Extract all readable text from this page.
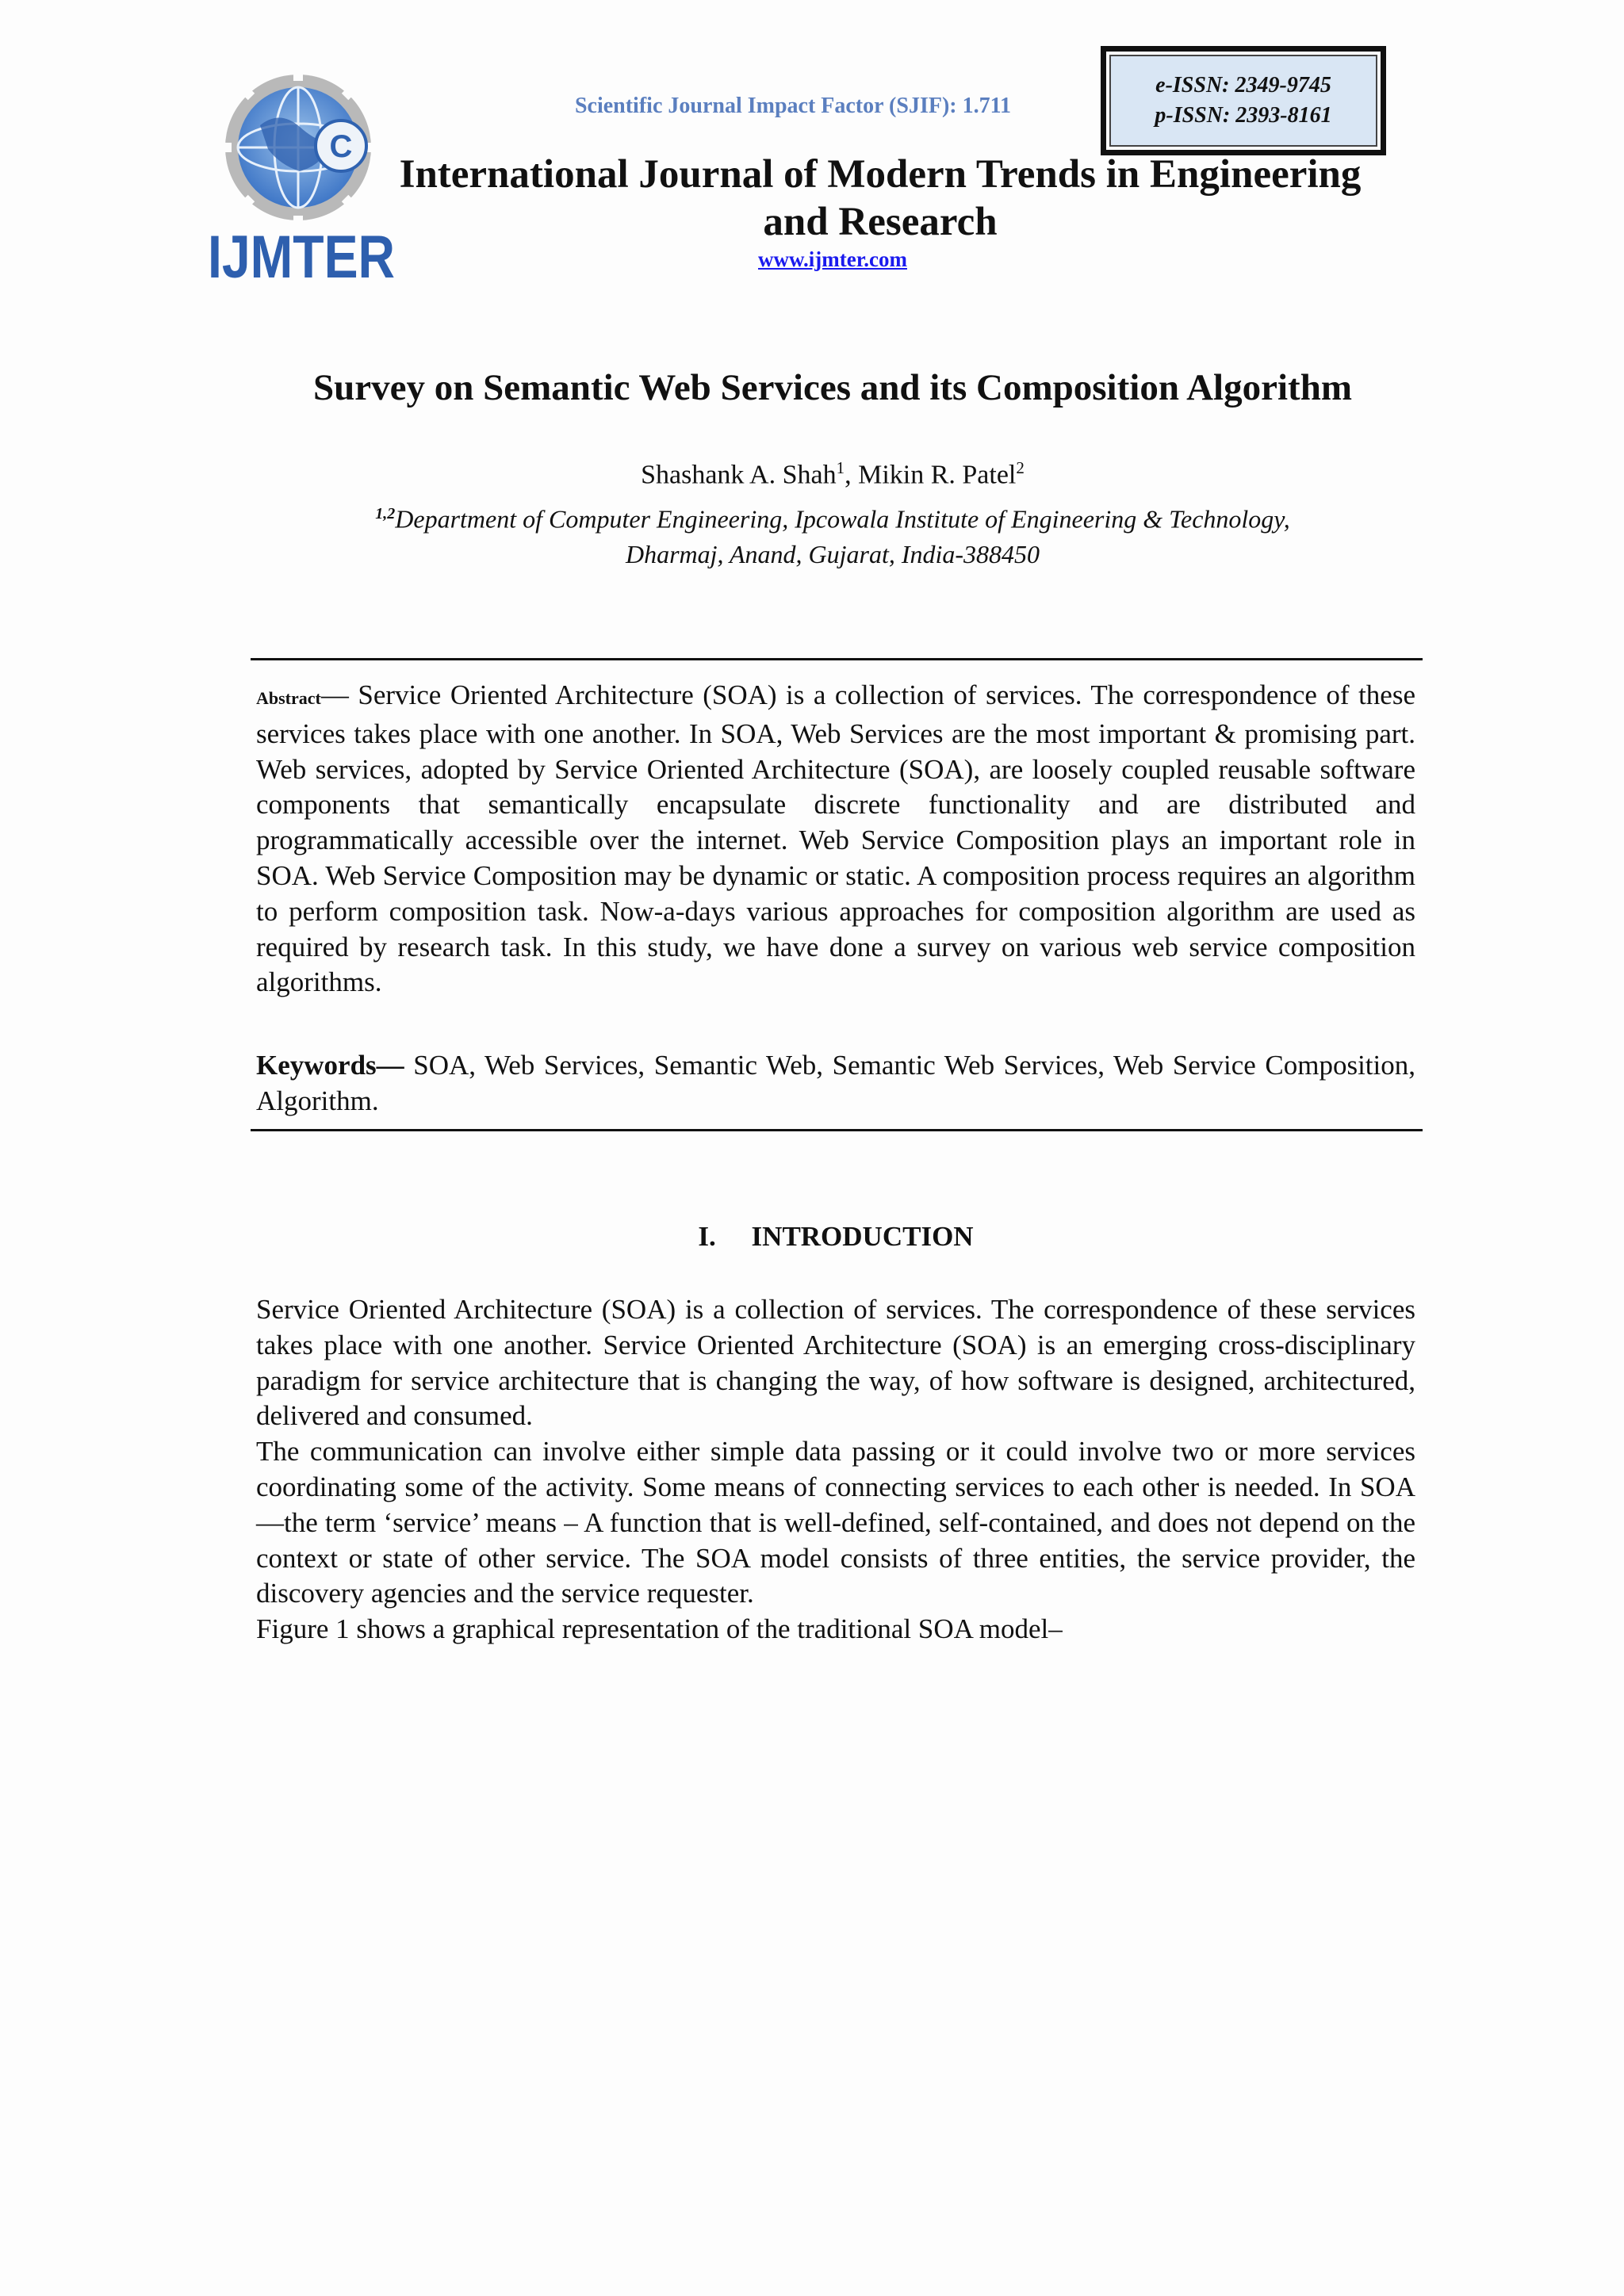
C
IJMTER
Scientific Journal Impact Factor (SJIF): 1.711
e-ISSN: 2349-9745
p-ISSN: 2393-8161
International Journal of Modern Trends in Engineering
and Research
www.ijmter.com
Survey on Semantic Web Services and its Composition Algorithm
Shashank A. Shah$^1$, Mikin R. Patel$^2$
$^{1,2}$Department of Computer Engineering, Ipcowala Institute of Engineering & Technology,
Dharmaj, Anand, Gujarat, India-388450
Abstract— Service Oriented Architecture (SOA) is a collection of services. The correspondence of these services takes place with one another. In SOA, Web Services are the most important & promising part. Web services, adopted by Service Oriented Architecture (SOA), are loosely coupled reusable software components that semantically encapsulate discrete functionality and are distributed and programmatically accessible over the internet. Web Service Composition plays an important role in SOA. Web Service Composition may be dynamic or static. A composition process requires an algorithm to perform composition task. Now-a-days various approaches for composition algorithm are used as required by research task. In this study, we have done a survey on various web service composition algorithms.
Keywords— SOA, Web Services, Semantic Web, Semantic Web Services, Web Service Composition, Algorithm.
I. INTRODUCTION

Service Oriented Architecture (SOA) is a collection of services. The correspondence of these services takes place with one another. Service Oriented Architecture (SOA) is an emerging cross-disciplinary paradigm for service architecture that is changing the way, of how software is designed, architectured, delivered and consumed.

The communication can involve either simple data passing or it could involve two or more services coordinating some of the activity. Some means of connecting services to each other is needed. In SOA—the term ‘service’ means – A function that is well-defined, self-contained, and does not depend on the context or state of other service. The SOA model consists of three entities, the service provider, the discovery agencies and the service requester.

Figure 1 shows a graphical representation of the traditional SOA model–
